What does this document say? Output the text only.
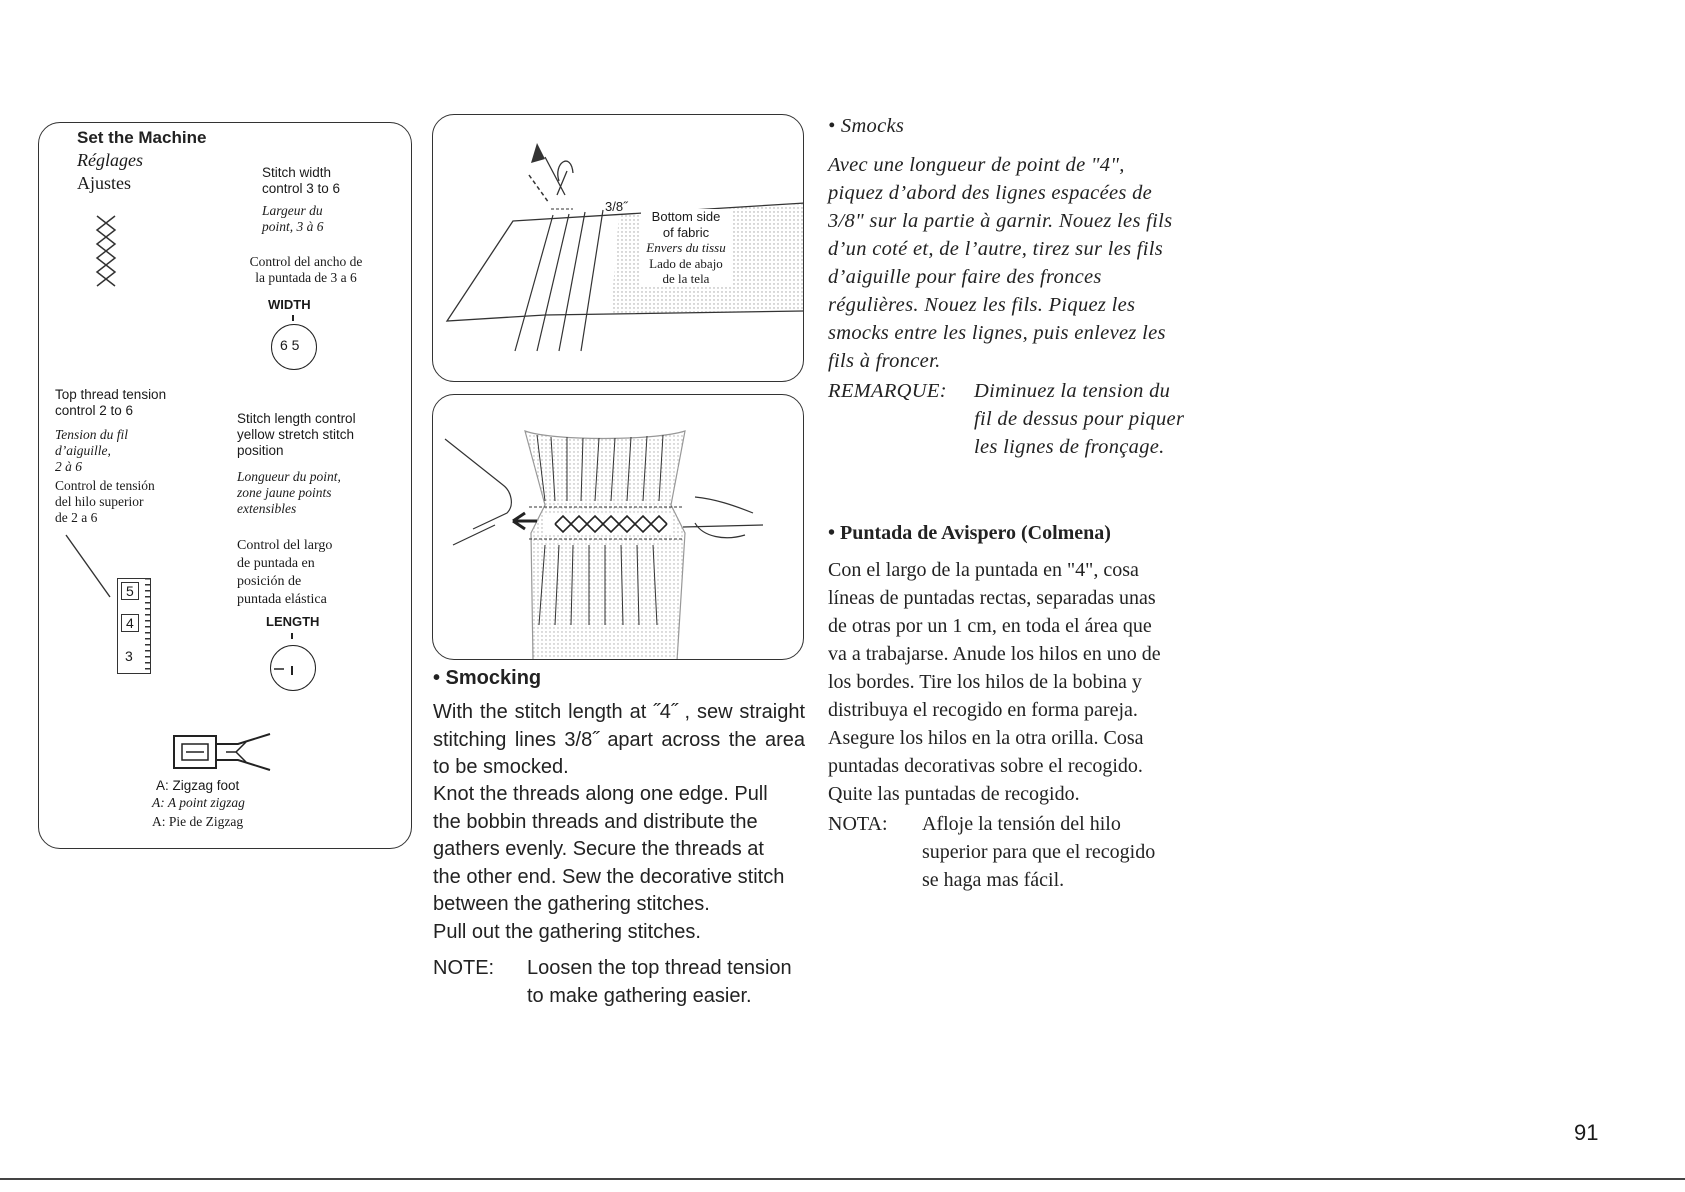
Set the Machine
Réglages
Ajustes
Stitch width
control 3 to 6
Largeur du
point, 3 à 6
Control del ancho de
la puntada de 3 a 6
WIDTH
6 5
Top thread tension
control 2 to 6
Tension du fil
d’aiguille,
2 à 6
Control de tensión
del hilo superior
de 2 a 6
5
4
3
Stitch length control
yellow stretch stitch
position
Longueur du point,
zone jaune points
extensibles
Control del largo
de puntada en
posición de
puntada elástica
LENGTH
A: Zigzag foot
A: A point zigzag
A: Pie de Zigzag
3/8˝
Bottom side
of fabric
Envers du tissu
Lado de abajo
de la tela
• Smocking
With the stitch length at ˝4˝ , sew straight stitching lines 3/8˝ apart across the area to be smocked.
Knot the threads along one edge. Pull
the bobbin threads and distribute the
gathers evenly. Secure the threads at
the other end. Sew the decorative stitch
between the gathering stitches.
Pull out the gathering stitches.
NOTE: Loosen the top thread tension
to make gathering easier.
• Smocks
Avec une longueur de point de "4",
piquez d’abord des lignes espacées de
3/8" sur la partie à garnir. Nouez les fils
d’un coté et, de l’autre, tirez sur les fils
d’aiguille pour faire des fronces
régulières. Nouez les fils. Piquez les
smocks entre les lignes, puis enlevez les
fils à froncer.
REMARQUE: Diminuez la tension du
fil de dessus pour piquer
les lignes de fronçage.
• Puntada de Avispero (Colmena)
Con el largo de la puntada en "4", cosa
líneas de puntadas rectas, separadas unas
de otras por un 1 cm, en toda el área que
va a trabajarse. Anude los hilos en uno de
los bordes. Tire los hilos de la bobina y
distribuya el recogido en forma pareja.
Asegure los hilos en la otra orilla. Cosa
puntadas decorativas sobre el recogido.
Quite las puntadas de recogido.
NOTA: Afloje la tensión del hilo
superior para que el recogido
se haga mas fácil.
91
